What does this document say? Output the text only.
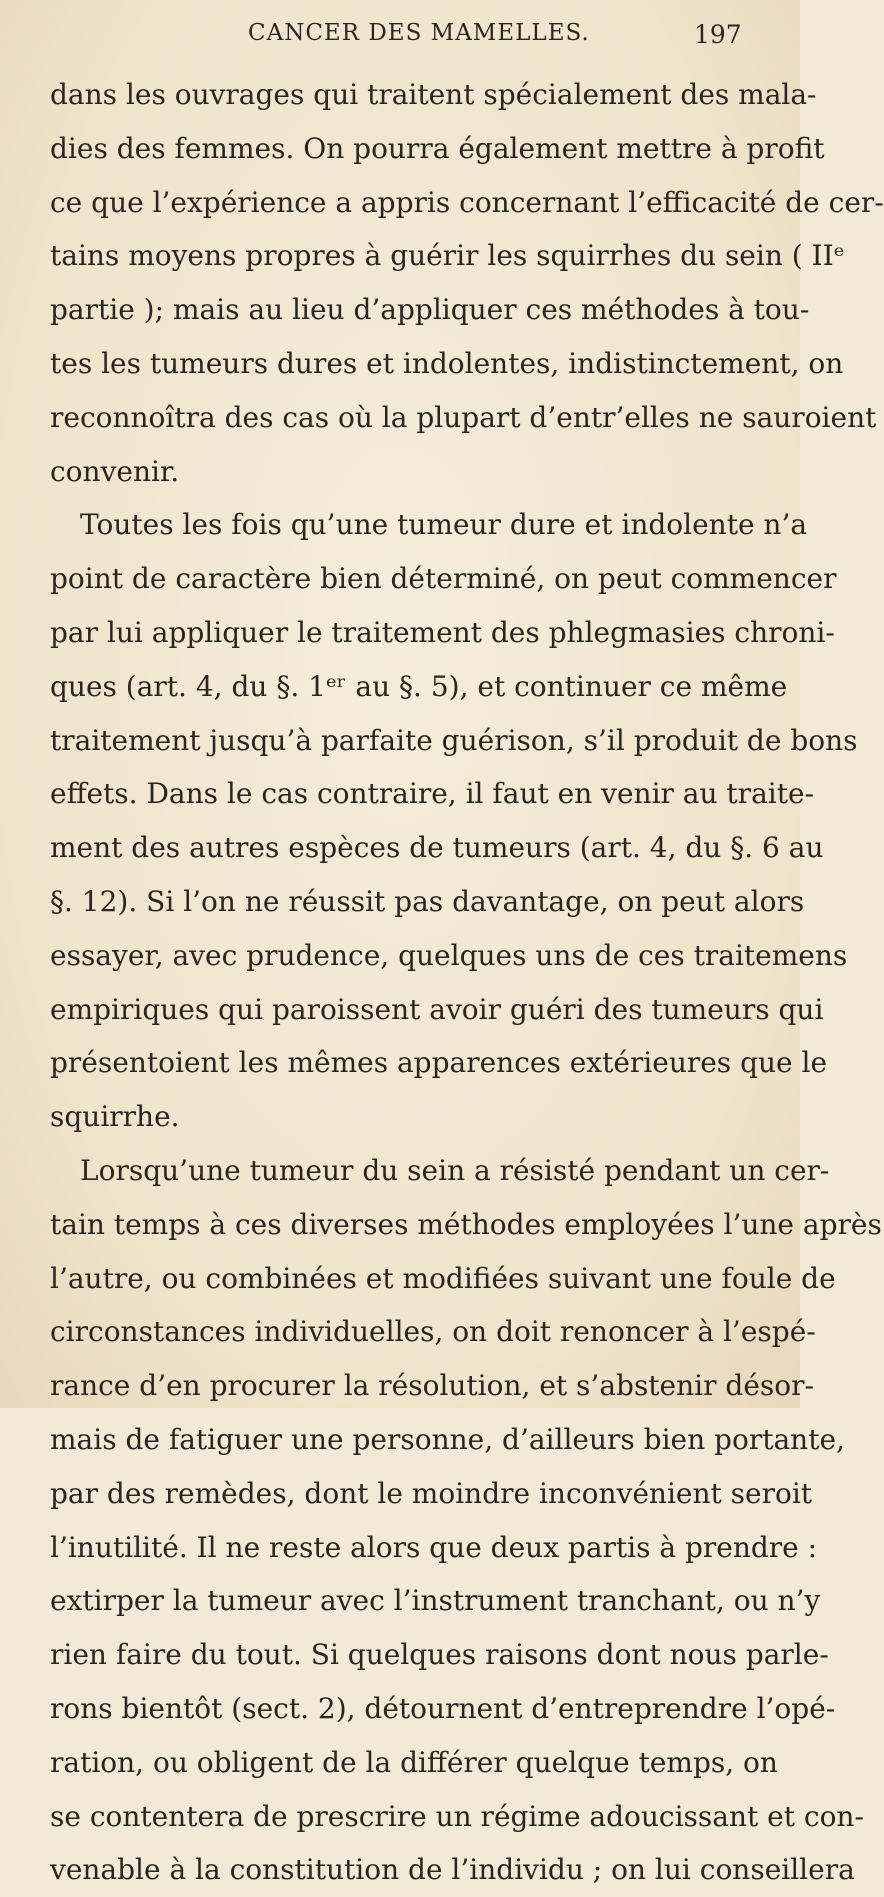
CANCER DES MAMELLES.	197
dans les ouvrages qui traitent spécialement des mala-
dies des femmes. On pourra également mettre à profit
ce que l’expérience a appris concernant l’efficacité de cer-
tains moyens propres à guérir les squirrhes du sein ( IIᵉ
partie ); mais au lieu d’appliquer ces méthodes à tou-
tes les tumeurs dures et indolentes, indistinctement, on
reconnoîtra des cas où la plupart d’entr’elles ne sauroient
convenir.
Toutes les fois qu’une tumeur dure et indolente n’a
point de caractère bien déterminé, on peut commencer
par lui appliquer le traitement des phlegmasies chroni-
ques (art. 4, du §. 1ᵉʳ au §. 5), et continuer ce même
traitement jusqu’à parfaite guérison, s’il produit de bons
effets. Dans le cas contraire, il faut en venir au traite-
ment des autres espèces de tumeurs (art. 4, du §. 6 au
§. 12). Si l’on ne réussit pas davantage, on peut alors
essayer, avec prudence, quelques uns de ces traitemens
empiriques qui paroissent avoir guéri des tumeurs qui
présentoient les mêmes apparences extérieures que le
squirrhe.
Lorsqu’une tumeur du sein a résisté pendant un cer-
tain temps à ces diverses méthodes employées l’une après
l’autre, ou combinées et modifiées suivant une foule de
circonstances individuelles, on doit renoncer à l’espé-
rance d’en procurer la résolution, et s’abstenir désor-
mais de fatiguer une personne, d’ailleurs bien portante,
par des remèdes, dont le moindre inconvénient seroit
l’inutilité. Il ne reste alors que deux partis à prendre :
extirper la tumeur avec l’instrument tranchant, ou n’y
rien faire du tout. Si quelques raisons dont nous parle-
rons bientôt (sect. 2), détournent d’entreprendre l’opé-
ration, ou obligent de la différer quelque temps, on
se contentera de prescrire un régime adoucissant et con-
venable à la constitution de l’individu ; on lui conseillera
